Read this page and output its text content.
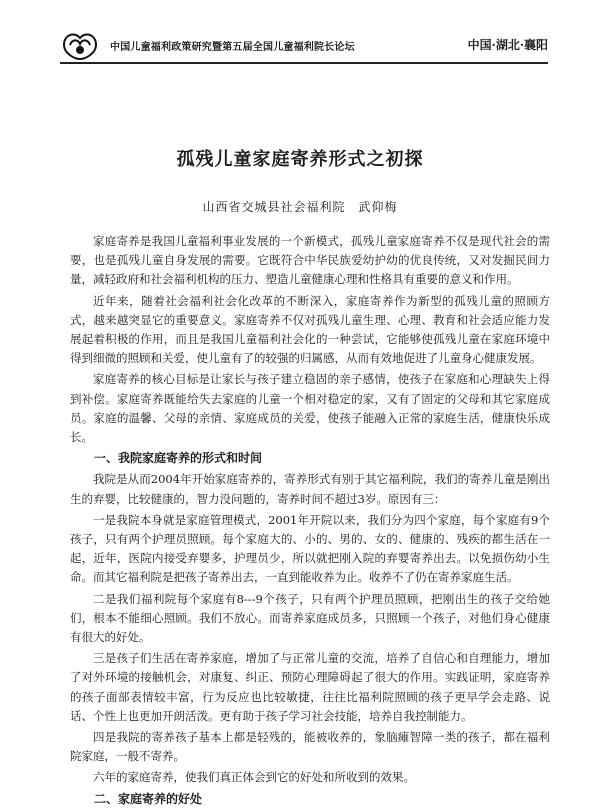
中国儿童福利政策研究暨第五届全国儿童福利院长论坛	中国·湖北·襄阳
孤残儿童家庭寄养形式之初探
山西省交城县社会福利院　武仰梅

家庭寄养是我国儿童福利事业发展的一个新模式，孤残儿童家庭寄养不仅是现代社会的需要，也是孤残儿童自身发展的需要。它既符合中华民族爱幼护幼的优良传统，又对发掘民间力量，减轻政府和社会福利机构的压力、塑造儿童健康心理和性格具有重要的意义和作用。

近年来，随着社会福利社会化改革的不断深入，家庭寄养作为新型的孤残儿童的照顾方式，越来越突显它的重要意义。家庭寄养不仅对孤残儿童生理、心理、教育和社会适应能力发展起着积极的作用，而且是我国儿童福利社会化的一种尝试，它能够使孤残儿童在家庭环境中得到细微的照顾和关爱，使儿童有了的较强的归属感，从而有效地促进了儿童身心健康发展。

家庭寄养的核心目标是让家长与孩子建立稳固的亲子感情，使孩子在家庭和心理缺失上得到补偿。家庭寄养既能给失去家庭的儿童一个相对稳定的家，又有了固定的父母和其它家庭成员。家庭的温馨、父母的亲情、家庭成员的关爱，使孩子能融入正常的家庭生活，健康快乐成长。

一、我院家庭寄养的形式和时间

我院是从而2004年开始家庭寄养的，寄养形式有别于其它福利院，我们的寄养儿童是刚出生的弃婴，比较健康的，智力没问题的，寄养时间不超过3岁。原因有三：

一是我院本身就是家庭管理模式，2001年开院以来，我们分为四个家庭，每个家庭有9个孩子，只有两个护理员照顾。每个家庭大的、小的、男的、女的、健康的、残疾的都生活在一起，近年，医院内接受弃婴多，护理员少，所以就把刚入院的弃婴寄养出去。以免损伤幼小生命。而其它福利院是把孩子寄养出去，一直到能收养为止。收养不了仍在寄养家庭生活。

二是我们福利院每个家庭有8---9个孩子，只有两个护理员照顾，把刚出生的孩子交给她们，根本不能细心照顾。我们不放心。而寄养家庭成员多，只照顾一个孩子，对他们身心健康有很大的好处。

三是孩子们生活在寄养家庭，增加了与正常儿童的交流，培养了自信心和自理能力，增加了对外环境的接触机会，对康复、纠正、预防心理障碍起了很大的作用。实践证明，家庭寄养的孩子面部表情较丰富，行为反应也比较敏捷，往往比福利院照顾的孩子更早学会走路、说话、个性上也更加开朗活泼。更有助于孩子学习社会技能，培养自我控制能力。

四是我院的寄养孩子基本上都是轻残的，能被收养的，象脑瘫智障一类的孩子，都在福利院家庭，一般不寄养。

六年的家庭寄养，使我们真正体会到它的好处和所收到的效果。

二、家庭寄养的好处
